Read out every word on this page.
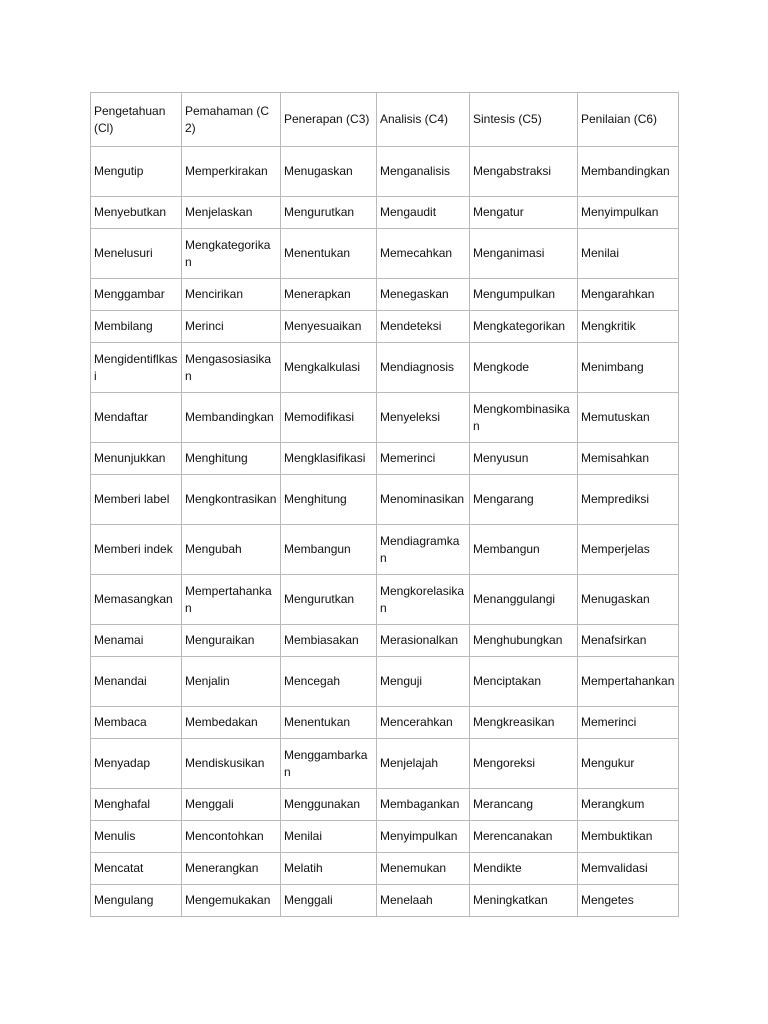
Pengetahuan (Cl)	Pemahaman (C2)	Penerapan (C3)	Analisis (C4)	Sintesis (C5)	Penilaian (C6)
Mengutip	Memperkirakan	Menugaskan	Menganalisis	Mengabstraksi	Membandingkan
Menyebutkan	Menjelaskan	Mengurutkan	Mengaudit	Mengatur	Menyimpulkan
Menelusuri	Mengkategorikan	Menentukan	Memecahkan	Menganimasi	Menilai
Menggambar	Mencirikan	Menerapkan	Menegaskan	Mengumpulkan	Mengarahkan
Membilang	Merinci	Menyesuaikan	Mendeteksi	Mengkategorikan	Mengkritik
Mengidentiflkasi	Mengasosiasikan	Mengkalkulasi	Mendiagnosis	Mengkode	Menimbang
Mendaftar	Membandingkan	Memodifikasi	Menyeleksi	Mengkombinasikan	Memutuskan
Menunjukkan	Menghitung	Mengklasifikasi	Memerinci	Menyusun	Memisahkan
Memberi label	Mengkontrasikan	Menghitung	Menominasikan	Mengarang	Memprediksi
Memberi indek	Mengubah	Membangun	Mendiagramkan	Membangun	Memperjelas
Memasangkan	Mempertahankan	Mengurutkan	Mengkorelasikan	Menanggulangi	Menugaskan
Menamai	Menguraikan	Membiasakan	Merasionalkan	Menghubungkan	Menafsirkan
Menandai	Menjalin	Mencegah	Menguji	Menciptakan	Mempertahankan
Membaca	Membedakan	Menentukan	Mencerahkan	Mengkreasikan	Memerinci
Menyadap	Mendiskusikan	Menggambarkan	Menjelajah	Mengoreksi	Mengukur
Menghafal	Menggali	Menggunakan	Membagankan	Merancang	Merangkum
Menulis	Mencontohkan	Menilai	Menyimpulkan	Merencanakan	Membuktikan
Mencatat	Menerangkan	Melatih	Menemukan	Mendikte	Memvalidasi
Mengulang	Mengemukakan	Menggali	Menelaah	Meningkatkan	Mengetes
